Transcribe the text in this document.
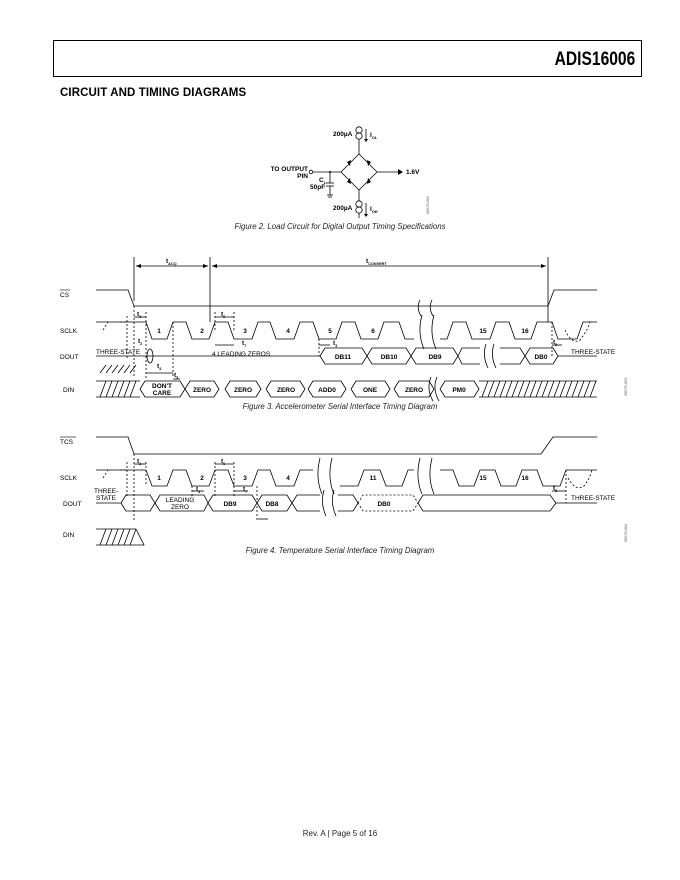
ADIS16006
CIRCUIT AND TIMING DIAGRAMS
200µA	$I_{OL}$
200µA	$I_{OH}$
TO OUTPUT
PIN
$C_L$
50pF
1.6V
05075-002
Figure 2. Load Circuit for Digital Output Timing Specifications
CS
SCLK
DOUT
DIN
$t_{ACQ}$	$t_{CONVERT}$
THREE-STATE	THREE-STATE
4 LEADING ZEROS
1	2	3	4	5	6	15	16
DB11	DB10	DB9	DB0
DON'T
CARE	ZERO	ZERO	ZERO	ADD0	ONE	ZERO	PM0
$t_1$
$t_2$	$t_3$
$t_4$
$t_5$
$t_6$
$t_7$	$t_8$
05075-003
Figure 3. Accelerometer Serial Interface Timing Diagram
TCS
SCLK
DOUT
DIN
THREE-
STATE	THREE-STATE
LEADING
ZERO
1	2	3	4	11	15	16
DB9	DB8	DB0
$t_1$
$t_3$
$t_6$
$t_7$	$t_8$
05075-004
Figure 4. Temperature Serial Interface Timing Diagram
Rev. A | Page 5 of 16
